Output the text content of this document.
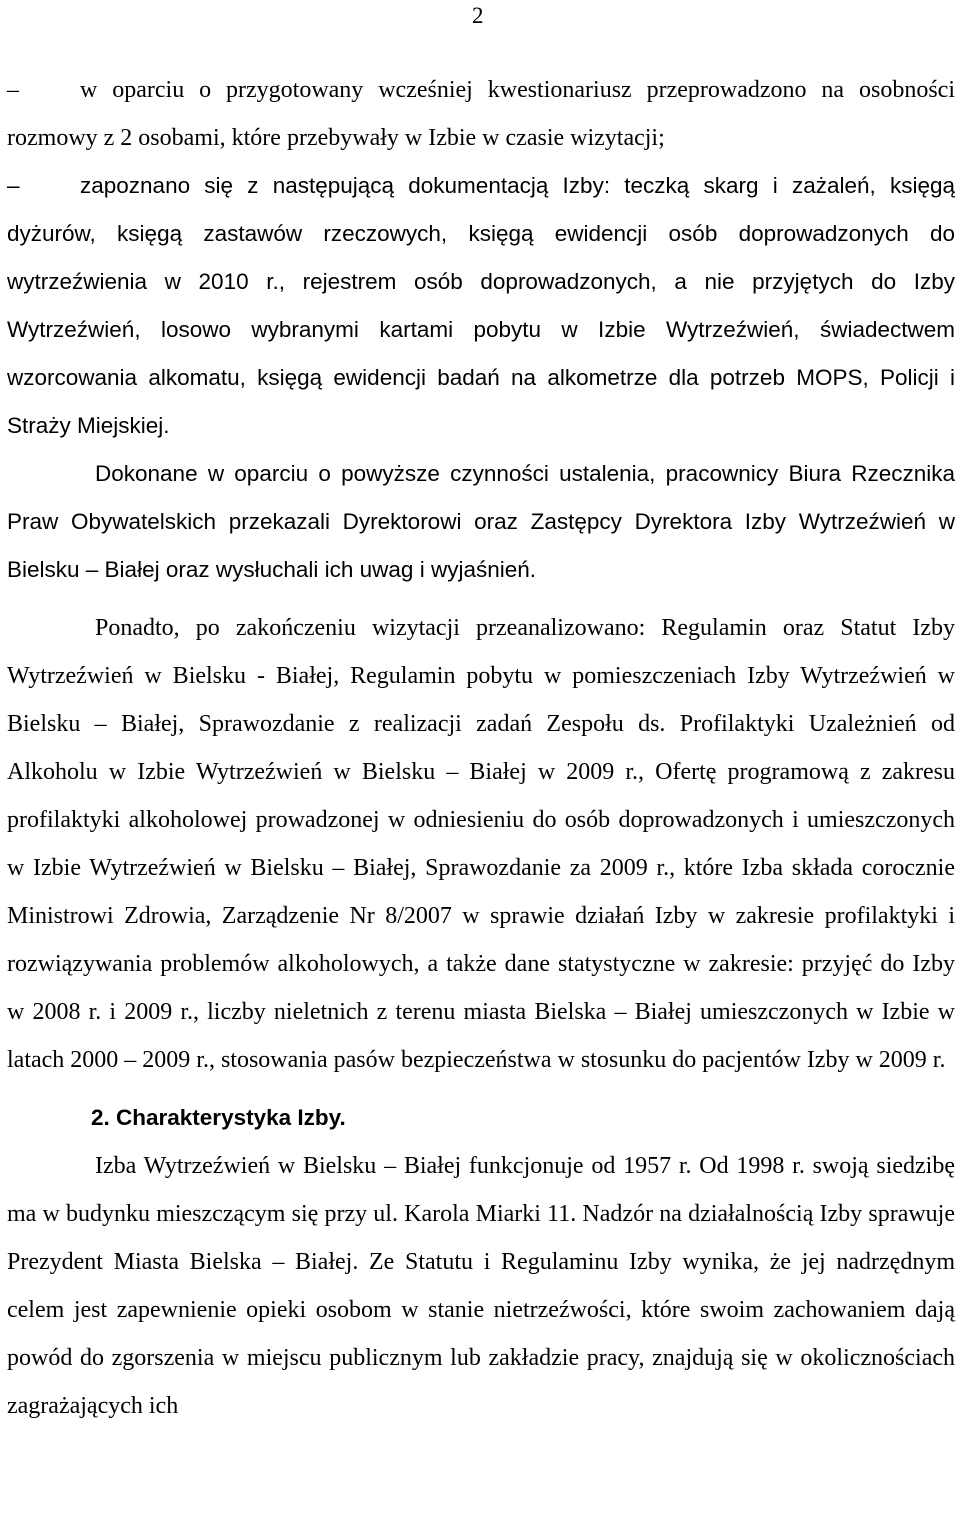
2
–	w oparciu o przygotowany wcześniej kwestionariusz przeprowadzono na osobności rozmowy z 2 osobami, które przebywały w Izbie w czasie wizytacji;
–	zapoznano się z następującą dokumentacją Izby: teczką skarg i zażaleń, księgą dyżurów, księgą zastawów rzeczowych, księgą ewidencji osób doprowadzonych do wytrzeźwienia w 2010 r., rejestrem osób doprowadzonych, a nie przyjętych do Izby Wytrzeźwień, losowo wybranymi kartami pobytu w Izbie Wytrzeźwień, świadectwem wzorcowania alkomatu, księgą ewidencji badań na alkometrze dla potrzeb MOPS, Policji i Straży Miejskiej.

Dokonane w oparciu o powyższe czynności ustalenia, pracownicy Biura Rzecznika Praw Obywatelskich przekazali Dyrektorowi oraz Zastępcy Dyrektora Izby Wytrzeźwień w Bielsku – Białej oraz wysłuchali ich uwag i wyjaśnień.

Ponadto, po zakończeniu wizytacji przeanalizowano: Regulamin oraz Statut Izby Wytrzeźwień w Bielsku - Białej, Regulamin pobytu w pomieszczeniach Izby Wytrzeźwień w Bielsku – Białej, Sprawozdanie z realizacji zadań Zespołu ds. Profilaktyki Uzależnień od Alkoholu w Izbie Wytrzeźwień w Bielsku – Białej w 2009 r., Ofertę programową z zakresu profilaktyki alkoholowej prowadzonej w odniesieniu do osób doprowadzonych i umieszczonych w Izbie Wytrzeźwień w Bielsku – Białej, Sprawozdanie za 2009 r., które Izba składa corocznie Ministrowi Zdrowia, Zarządzenie Nr 8/2007 w sprawie działań Izby w zakresie profilaktyki i rozwiązywania problemów alkoholowych, a także dane statystyczne w zakresie: przyjęć do Izby w 2008 r. i 2009 r., liczby nieletnich z terenu miasta Bielska – Białej umieszczonych w Izbie w latach 2000 – 2009 r., stosowania pasów bezpieczeństwa w stosunku do pacjentów Izby w 2009 r.

2. Charakterystyka Izby.

Izba Wytrzeźwień w Bielsku – Białej funkcjonuje od 1957 r. Od 1998 r. swoją siedzibę ma w budynku mieszczącym się przy ul. Karola Miarki 11. Nadzór na działalnością Izby sprawuje Prezydent Miasta Bielska – Białej. Ze Statutu i Regulaminu Izby wynika, że jej nadrzędnym celem jest zapewnienie opieki osobom w stanie nietrzeźwości, które swoim zachowaniem dają powód do zgorszenia w miejscu publicznym lub zakładzie pracy, znajdują się w okolicznościach zagrażających ich
